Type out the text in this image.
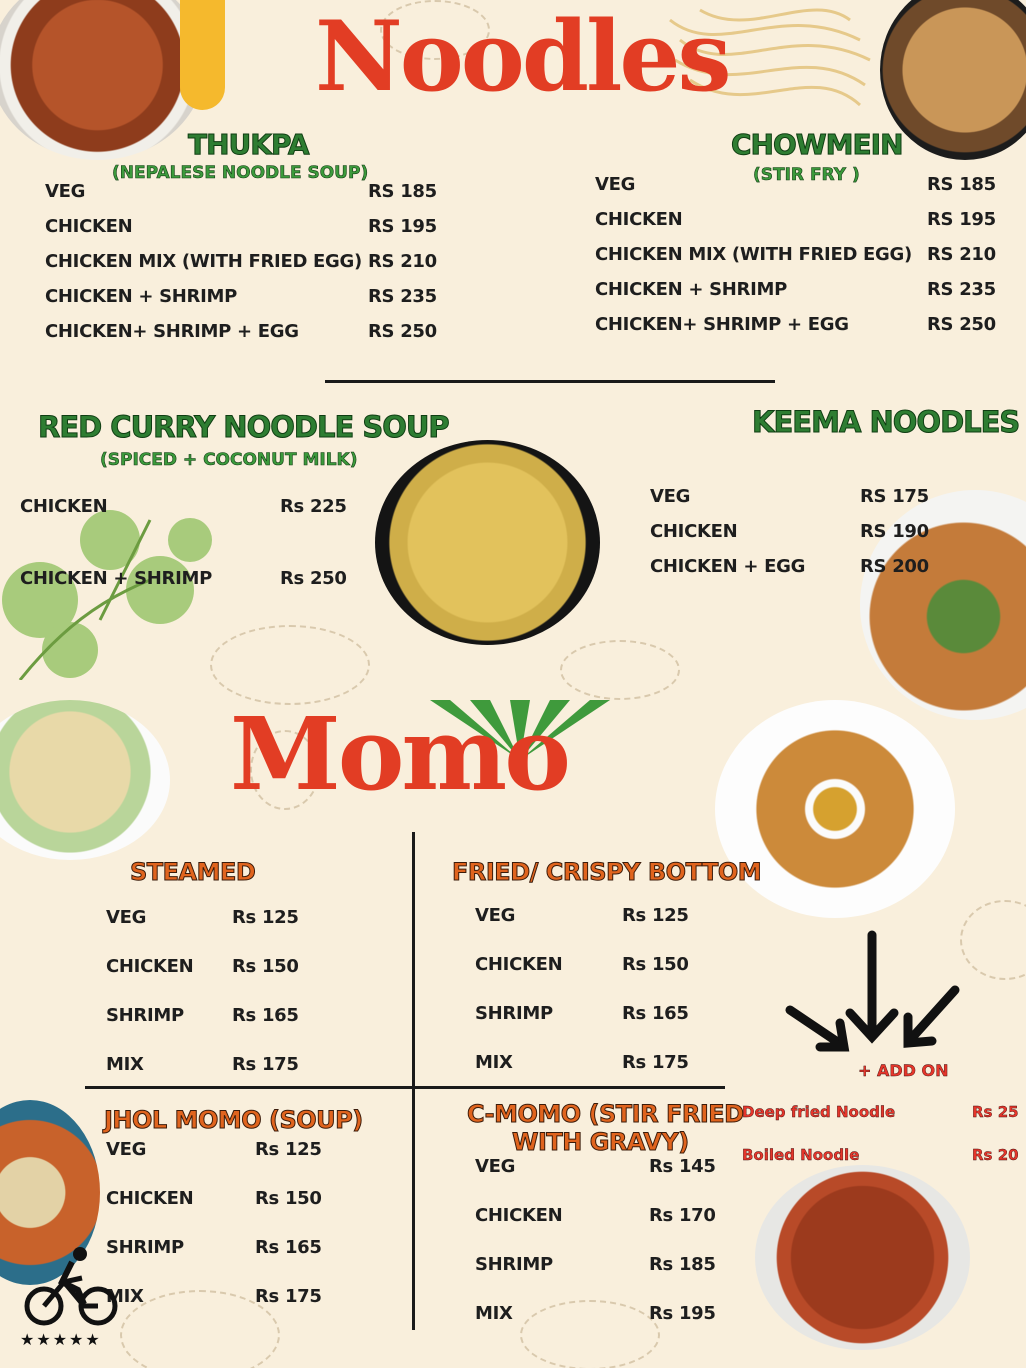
Noodles
THUKPA
(NEPALESE NOODLE SOUP)
VEG	RS 185
CHICKEN	RS 195
CHICKEN MIX (WITH FRIED EGG) RS 210
CHICKEN + SHRIMP	RS 235
CHICKEN+ SHRIMP + EGG	RS 250
CHOWMEIN
(STIR FRY )
VEG	RS 185
CHICKEN	RS 195
CHICKEN MIX (WITH FRIED EGG) RS 210
CHICKEN + SHRIMP	RS 235
CHICKEN+ SHRIMP + EGG	RS 250
RED CURRY NOODLE SOUP
(SPICED + COCONUT MILK)
CHICKEN	Rs 225
CHICKEN + SHRIMP	Rs 250
KEEMA NOODLES
VEG	RS 175
CHICKEN	RS 190
CHICKEN + EGG	RS 200
Momo
STEAMED
VEG	Rs 125
CHICKEN Rs 150
SHRIMP	Rs 165
MIX	Rs 175
FRIED/ CRISPY BOTTOM
VEG	Rs 125
CHICKEN	Rs 150
SHRIMP	Rs 165
MIX	Rs 175
JHOL MOMO (SOUP)
VEG	Rs 125
CHICKEN	Rs 150
SHRIMP	Rs 165
MIX	Rs 175
C-MOMO (STIR FRIED
WITH GRAVY)
VEG	Rs 145
CHICKEN	Rs 170
SHRIMP	Rs 185
MIX	Rs 195
+ ADD ON
Deep fried Noodle	Rs 25
Boiled Noodle	Rs 20
★★★★★
